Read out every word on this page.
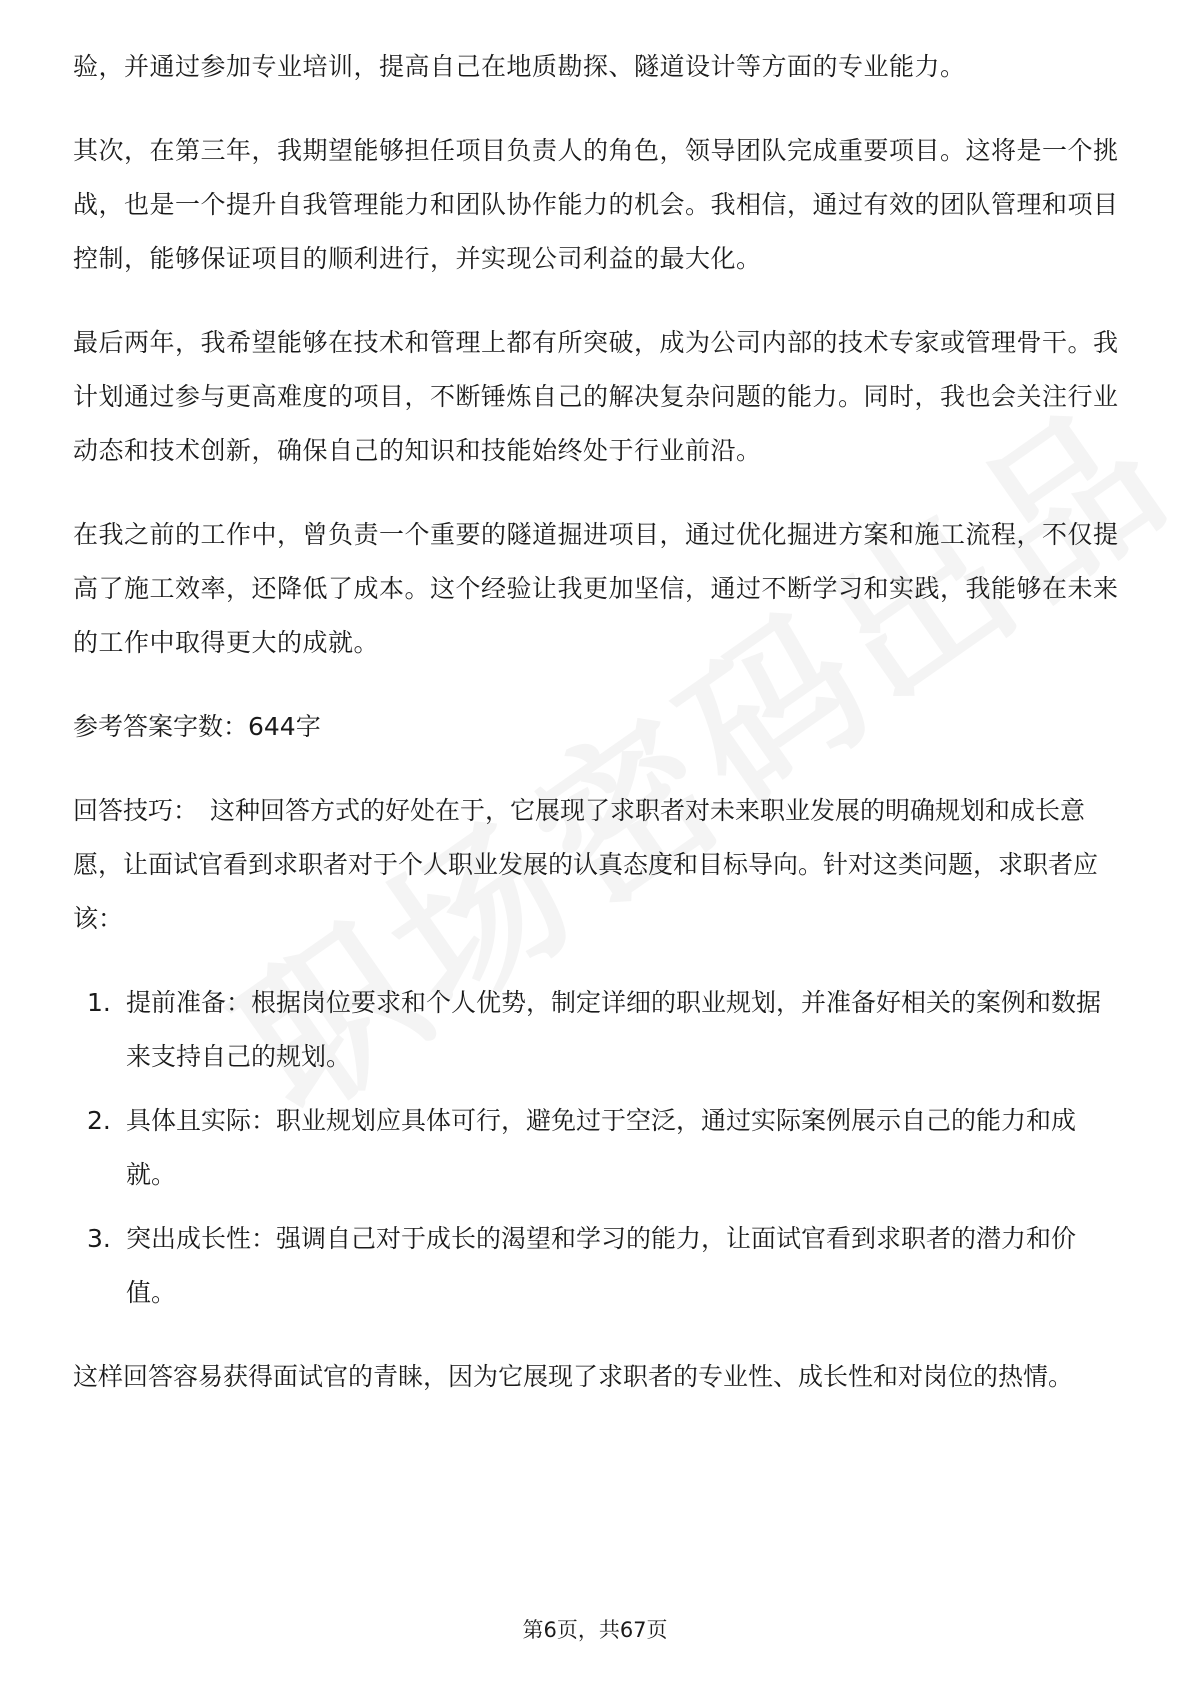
验，并通过参加专业培训，提高自己在地质勘探、隧道设计等方面的专业能力。

其次，在第三年，我期望能够担任项目负责人的角色，领导团队完成重要项目。这将是一个挑战，也是一个提升自我管理能力和团队协作能力的机会。我相信，通过有效的团队管理和项目控制，能够保证项目的顺利进行，并实现公司利益的最大化。

最后两年，我希望能够在技术和管理上都有所突破，成为公司内部的技术专家或管理骨干。我计划通过参与更高难度的项目，不断锤炼自己的解决复杂问题的能力。同时，我也会关注行业动态和技术创新，确保自己的知识和技能始终处于行业前沿。

在我之前的工作中，曾负责一个重要的隧道掘进项目，通过优化掘进方案和施工流程，不仅提高了施工效率，还降低了成本。这个经验让我更加坚信，通过不断学习和实践，我能够在未来的工作中取得更大的成就。

参考答案字数：644字

回答技巧： 这种回答方式的好处在于，它展现了求职者对未来职业发展的明确规划和成长意愿，让面试官看到求职者对于个人职业发展的认真态度和目标导向。针对这类问题，求职者应该：

1. 提前准备：根据岗位要求和个人优势，制定详细的职业规划，并准备好相关的案例和数据来支持自己的规划。
2. 具体且实际：职业规划应具体可行，避免过于空泛，通过实际案例展示自己的能力和成就。
3. 突出成长性：强调自己对于成长的渴望和学习的能力，让面试官看到求职者的潜力和价值。

这样回答容易获得面试官的青睐，因为它展现了求职者的专业性、成长性和对岗位的热情。

第6页，共67页
